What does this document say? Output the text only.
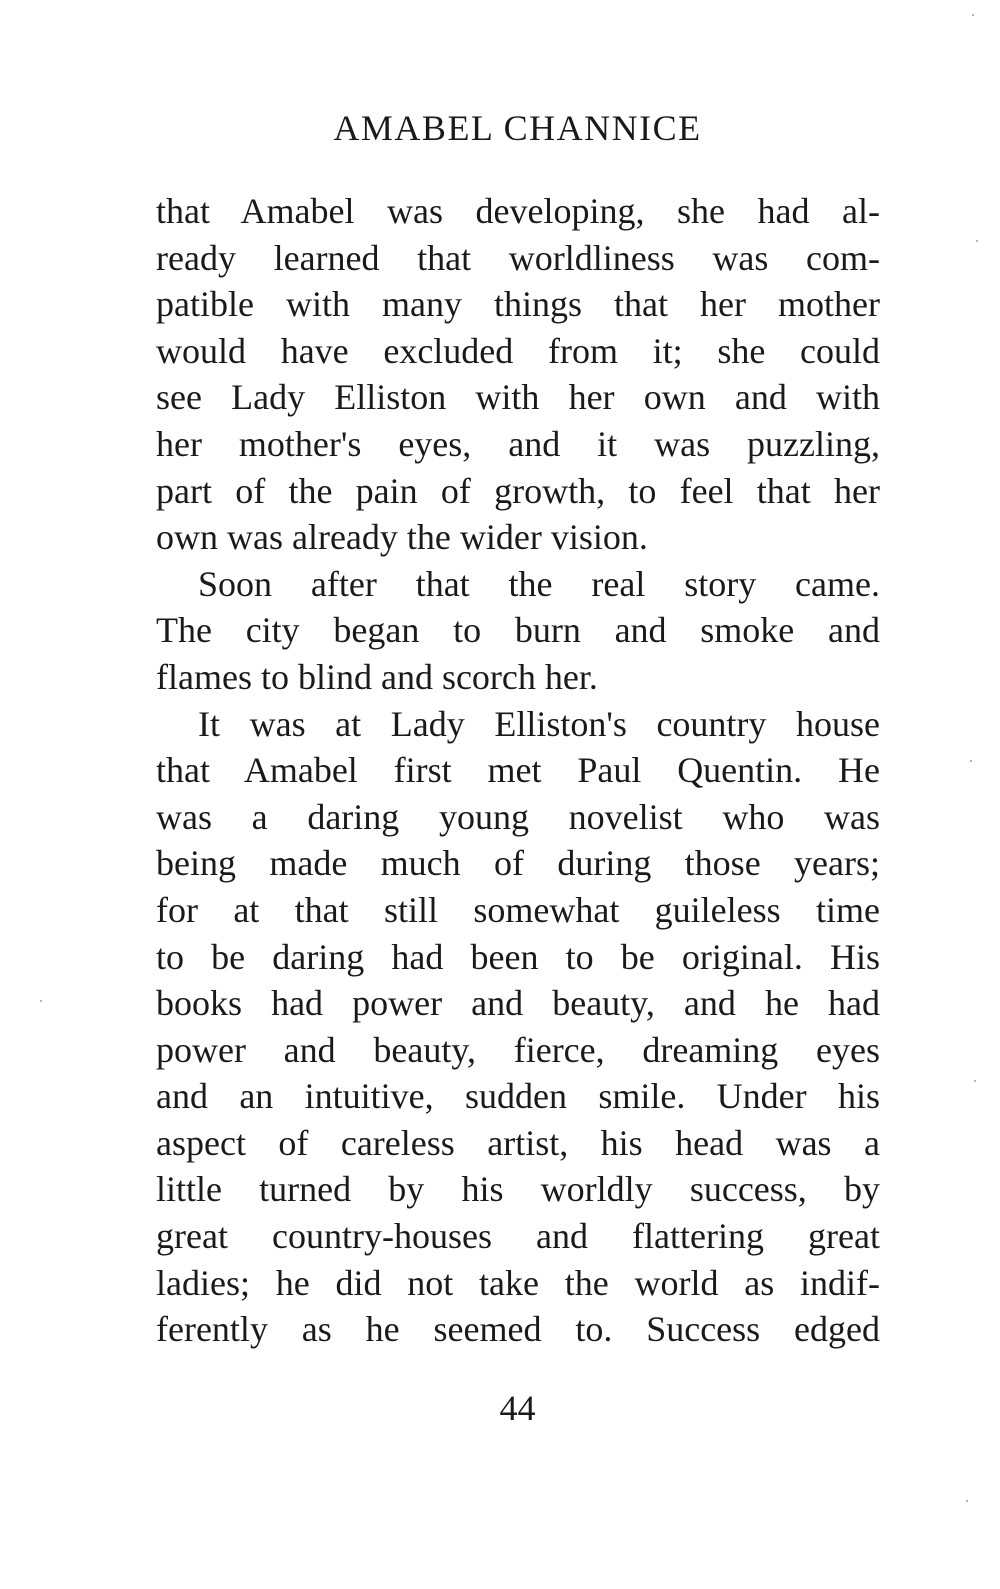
AMABEL CHANNICE
that Amabel was developing, she had al-
ready learned that worldliness was com-
patible with many things that her mother
would have excluded from it; she could
see Lady Elliston with her own and with
her mother's eyes, and it was puzzling,
part of the pain of growth, to feel that her
own was already the wider vision.
Soon after that the real story came.
The city began to burn and smoke and
flames to blind and scorch her.
It was at Lady Elliston's country house
that Amabel first met Paul Quentin. He
was a daring young novelist who was
being made much of during those years;
for at that still somewhat guileless time
to be daring had been to be original. His
books had power and beauty, and he had
power and beauty, fierce, dreaming eyes
and an intuitive, sudden smile. Under his
aspect of careless artist, his head was a
little turned by his worldly success, by
great country-houses and flattering great
ladies; he did not take the world as indif-
ferently as he seemed to. Success edged
44
